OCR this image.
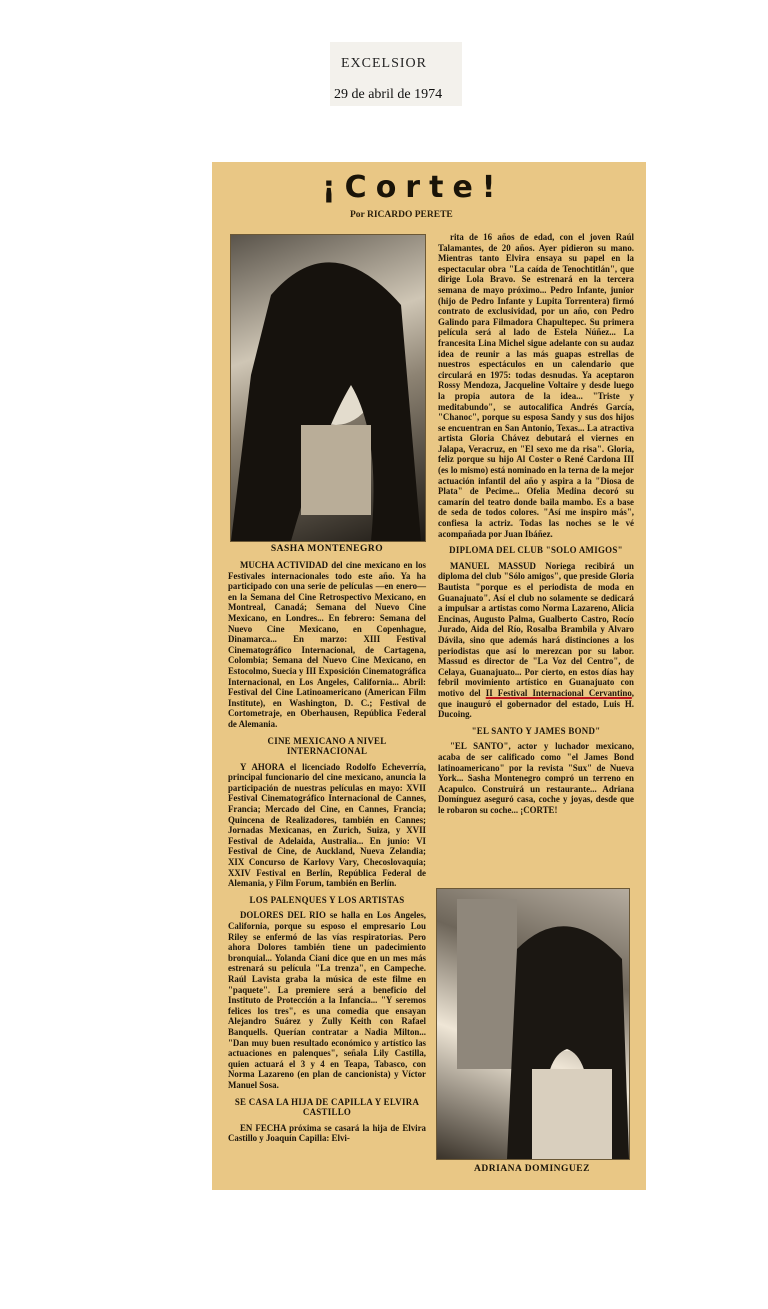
EXCELSIOR
29 de abril de 1974

¡Corte!
Por RICARDO PERETE
SASHA MONTENEGRO

MUCHA ACTIVIDAD del cine mexicano en los Festivales internacionales todo este año. Ya ha participado con una serie de películas —en enero— en la Semana del Cine Retrospectivo Mexicano, en Montreal, Canadá; Semana del Nuevo Cine Mexicano, en Londres... En febrero: Semana del Nuevo Cine Mexicano, en Copenhague, Dinamarca... En marzo: XIII Festival Cinematográfico Internacional, de Cartagena, Colombia; Semana del Nuevo Cine Mexicano, en Estocolmo, Suecia y III Exposición Cinematográfica Internacional, en Los Angeles, California... Abril: Festival del Cine Latinoamericano (American Film Institute), en Washington, D. C.; Festival de Cortometraje, en Oberhausen, República Federal de Alemania.

CINE MEXICANO A NIVEL INTERNACIONAL

Y AHORA el licenciado Rodolfo Echeverría, principal funcionario del cine mexicano, anuncia la participación de nuestras películas en mayo: XVII Festival Cinematográfico Internacional de Cannes, Francia; Mercado del Cine, en Cannes, Francia; Quincena de Realizadores, también en Cannes; Jornadas Mexicanas, en Zurich, Suiza, y XVII Festival de Adelaida, Australia... En junio: VI Festival de Cine, de Auckland, Nueva Zelandia; XIX Concurso de Karlovy Vary, Checoslovaquia; XXIV Festival en Berlín, República Federal de Alemania, y Film Forum, también en Berlín.

LOS PALENQUES Y LOS ARTISTAS

DOLORES DEL RIO se halla en Los Angeles, California, porque su esposo el empresario Lou Riley se enfermó de las vías respiratorias. Pero ahora Dolores también tiene un padecimiento bronquial... Yolanda Ciani dice que en un mes más estrenará su película "La trenza", en Campeche. Raúl Lavista graba la música de este filme en "paquete". La premiere será a beneficio del Instituto de Protección a la Infancia... "Y seremos felices los tres", es una comedia que ensayan Alejandro Suárez y Zully Keith con Rafael Banquells. Querían contratar a Nadia Milton... "Dan muy buen resultado económico y artístico las actuaciones en palenques", señala Lily Castilla, quien actuará el 3 y 4 en Teapa, Tabasco, con Norma Lazareno (en plan de cancionista) y Víctor Manuel Sosa.

SE CASA LA HIJA DE CAPILLA Y ELVIRA CASTILLO

EN FECHA próxima se casará la hija de Elvira Castillo y Joaquín Capilla: Elvi-

rita de 16 años de edad, con el joven Raúl Talamantes, de 20 años. Ayer pidieron su mano. Mientras tanto Elvira ensaya su papel en la espectacular obra "La caída de Tenochtitlán", que dirige Lola Bravo. Se estrenará en la tercera semana de mayo próximo... Pedro Infante, junior (hijo de Pedro Infante y Lupita Torrentera) firmó contrato de exclusividad, por un año, con Pedro Galindo para Filmadora Chapultepec. Su primera película será al lado de Estela Núñez... La francesita Lina Michel sigue adelante con su audaz idea de reunir a las más guapas estrellas de nuestros espectáculos en un calendario que circulará en 1975: todas desnudas. Ya aceptaron Rossy Mendoza, Jacqueline Voltaire y desde luego la propia autora de la idea... "Triste y meditabundo", se autocalifica Andrés García, "Chanoc", porque su esposa Sandy y sus dos hijos se encuentran en San Antonio, Texas... La atractiva artista Gloria Chávez debutará el viernes en Jalapa, Veracruz, en "El sexo me da risa". Gloria, feliz porque su hijo Al Coster o René Cardona III (es lo mismo) está nominado en la terna de la mejor actuación infantil del año y aspira a la "Diosa de Plata" de Pecime... Ofelia Medina decoró su camarín del teatro donde baila mambo. Es a base de seda de todos colores. "Así me inspiro más", confiesa la actriz. Todas las noches se le vé acompañada por Juan Ibáñez.

DIPLOMA DEL CLUB "SOLO AMIGOS"

MANUEL MASSUD Noriega recibirá un diploma del club "Sólo amigos", que preside Gloria Bautista "porque es el periodista de moda en Guanajuato". Así el club no solamente se dedicará a impulsar a artistas como Norma Lazareno, Alicia Encinas, Augusto Palma, Gualberto Castro, Rocío Jurado, Aida del Río, Rosalba Brambila y Alvaro Dávila, sino que además hará distinciones a los periodistas que así lo merezcan por su labor. Massud es director de "La Voz del Centro", de Celaya, Guanajuato... Por cierto, en estos días hay febril movimiento artístico en Guanajuato con motivo del II Festival Internacional Cervantino, que inauguró el gobernador del estado, Luis H. Ducoing.

"EL SANTO Y JAMES BOND"

"EL SANTO", actor y luchador mexicano, acaba de ser calificado como "el James Bond latinoamericano" por la revista "Sux" de Nueva York... Sasha Montenegro compró un terreno en Acapulco. Construirá un restaurante... Adriana Domínguez aseguró casa, coche y joyas, desde que le robaron su coche... ¡CORTE!

ADRIANA DOMINGUEZ
